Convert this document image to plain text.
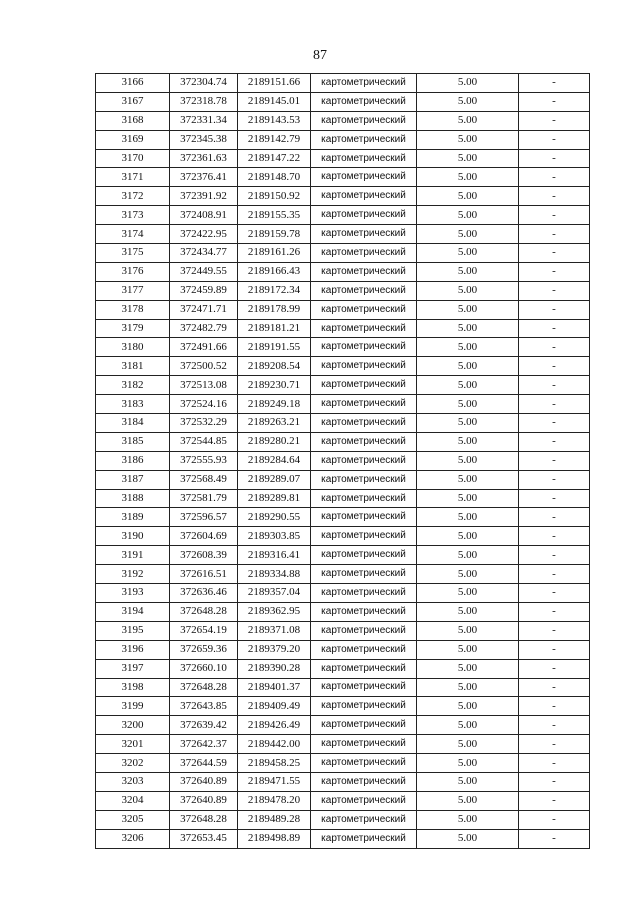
87
3166	372304.74	2189151.66	картометрический	5.00	-
3167	372318.78	2189145.01	картометрический	5.00	-
3168	372331.34	2189143.53	картометрический	5.00	-
3169	372345.38	2189142.79	картометрический	5.00	-
3170	372361.63	2189147.22	картометрический	5.00	-
3171	372376.41	2189148.70	картометрический	5.00	-
3172	372391.92	2189150.92	картометрический	5.00	-
3173	372408.91	2189155.35	картометрический	5.00	-
3174	372422.95	2189159.78	картометрический	5.00	-
3175	372434.77	2189161.26	картометрический	5.00	-
3176	372449.55	2189166.43	картометрический	5.00	-
3177	372459.89	2189172.34	картометрический	5.00	-
3178	372471.71	2189178.99	картометрический	5.00	-
3179	372482.79	2189181.21	картометрический	5.00	-
3180	372491.66	2189191.55	картометрический	5.00	-
3181	372500.52	2189208.54	картометрический	5.00	-
3182	372513.08	2189230.71	картометрический	5.00	-
3183	372524.16	2189249.18	картометрический	5.00	-
3184	372532.29	2189263.21	картометрический	5.00	-
3185	372544.85	2189280.21	картометрический	5.00	-
3186	372555.93	2189284.64	картометрический	5.00	-
3187	372568.49	2189289.07	картометрический	5.00	-
3188	372581.79	2189289.81	картометрический	5.00	-
3189	372596.57	2189290.55	картометрический	5.00	-
3190	372604.69	2189303.85	картометрический	5.00	-
3191	372608.39	2189316.41	картометрический	5.00	-
3192	372616.51	2189334.88	картометрический	5.00	-
3193	372636.46	2189357.04	картометрический	5.00	-
3194	372648.28	2189362.95	картометрический	5.00	-
3195	372654.19	2189371.08	картометрический	5.00	-
3196	372659.36	2189379.20	картометрический	5.00	-
3197	372660.10	2189390.28	картометрический	5.00	-
3198	372648.28	2189401.37	картометрический	5.00	-
3199	372643.85	2189409.49	картометрический	5.00	-
3200	372639.42	2189426.49	картометрический	5.00	-
3201	372642.37	2189442.00	картометрический	5.00	-
3202	372644.59	2189458.25	картометрический	5.00	-
3203	372640.89	2189471.55	картометрический	5.00	-
3204	372640.89	2189478.20	картометрический	5.00	-
3205	372648.28	2189489.28	картометрический	5.00	-
3206	372653.45	2189498.89	картометрический	5.00	-
